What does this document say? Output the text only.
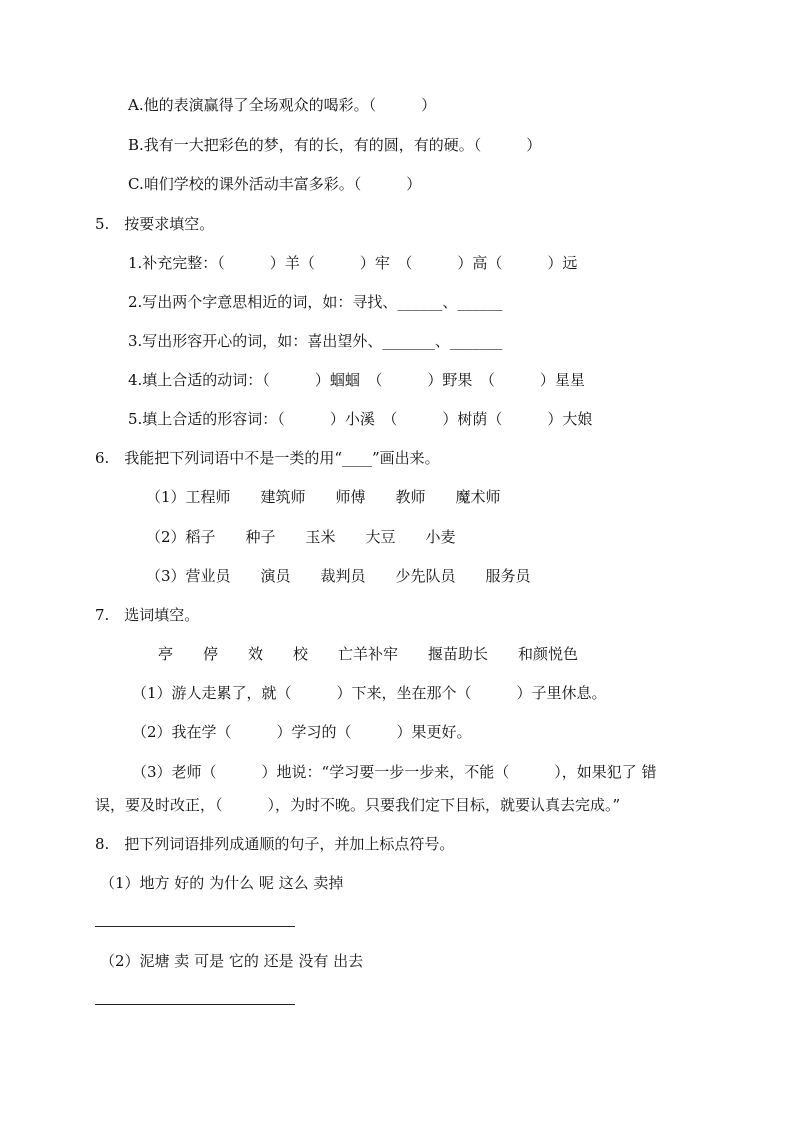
A.他的表演赢得了全场观众的喝彩。（　　　）
B.我有一大把彩色的梦，有的长，有的圆，有的硬。（　　　）
C.咱们学校的课外活动丰富多彩。（　　　）
5.　按要求填空。
1.补充完整：（　　　）羊（　　　）牢　（　　　）高（　　　）远
2.写出两个字意思相近的词，如：寻找、______、______
3.写出形容开心的词，如：喜出望外、_______、_______
4.填上合适的动词：（　　　）蝈蝈　（　　　）野果　（　　　）星星
5.填上合适的形容词：（　　　）小溪　（　　　）树荫（　　　）大娘
6.　我能把下列词语中不是一类的用“____”画出来。
（1）工程师　　建筑师　　师傅　　教师　　魔术师
（2）稻子　　种子　　玉米　　大豆　　小麦
（3）营业员　　演员　　裁判员　　少先队员　　服务员
7.　选词填空。
亭　　停　　效　　校　　亡羊补牢　　揠苗助长　　和颜悦色
（1）游人走累了，就（　　　）下来，坐在那个（　　　）子里休息。
（2）我在学（　　　）学习的（　　　）果更好。
（3）老师（　　　）地说：“学习要一步一步来，不能（　　　），如果犯了 错
误，要及时改正，（　　　），为时不晚。只要我们定下目标，就要认真去完成。”
8.　把下列词语排列成通顺的句子，并加上标点符号。
（1）地方 好的 为什么 呢 这么 卖掉
（2）泥塘 卖 可是 它的 还是 没有 出去
